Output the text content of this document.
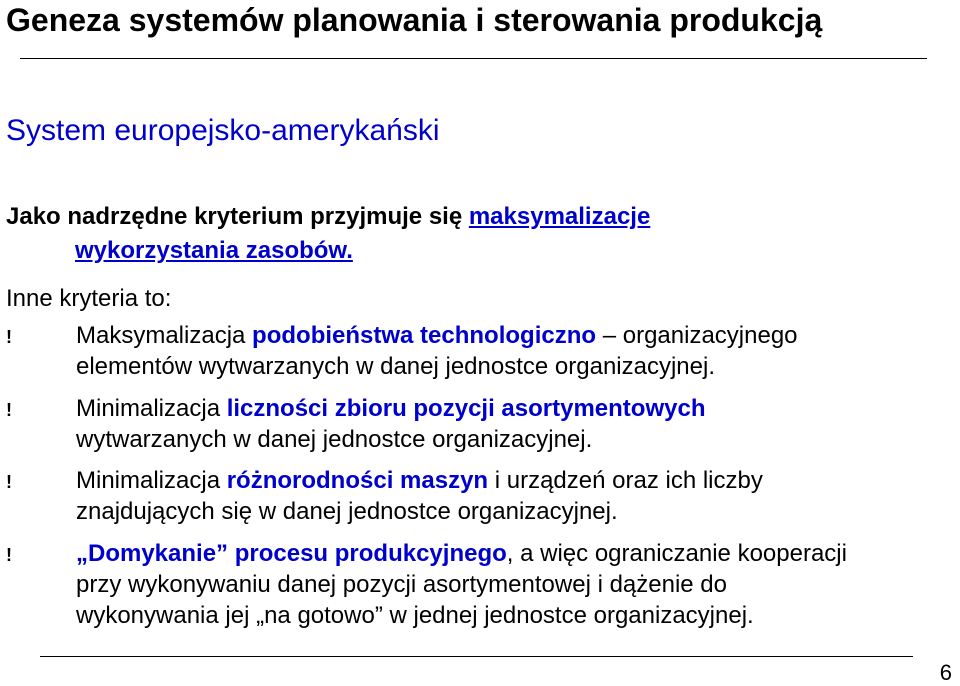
Geneza systemów planowania i sterowania produkcją
System europejsko-amerykański

Jako nadrzędne kryterium przyjmuje się maksymalizacje
wykorzystania zasobów.

Inne kryteria to:

!	Maksymalizacja podobieństwa technologiczno – organizacyjnego
elementów wytwarzanych w danej jednostce organizacyjnej.
!	Minimalizacja liczności zbioru pozycji asortymentowych
wytwarzanych w danej jednostce organizacyjnej.
!	Minimalizacja różnorodności maszyn i urządzeń oraz ich liczby
znajdujących się w danej jednostce organizacyjnej.
!	„Domykanie” procesu produkcyjnego, a więc ograniczanie kooperacji
przy wykonywaniu danej pozycji asortymentowej i dążenie do
wykonywania jej „na gotowo” w jednej jednostce organizacyjnej.

6
